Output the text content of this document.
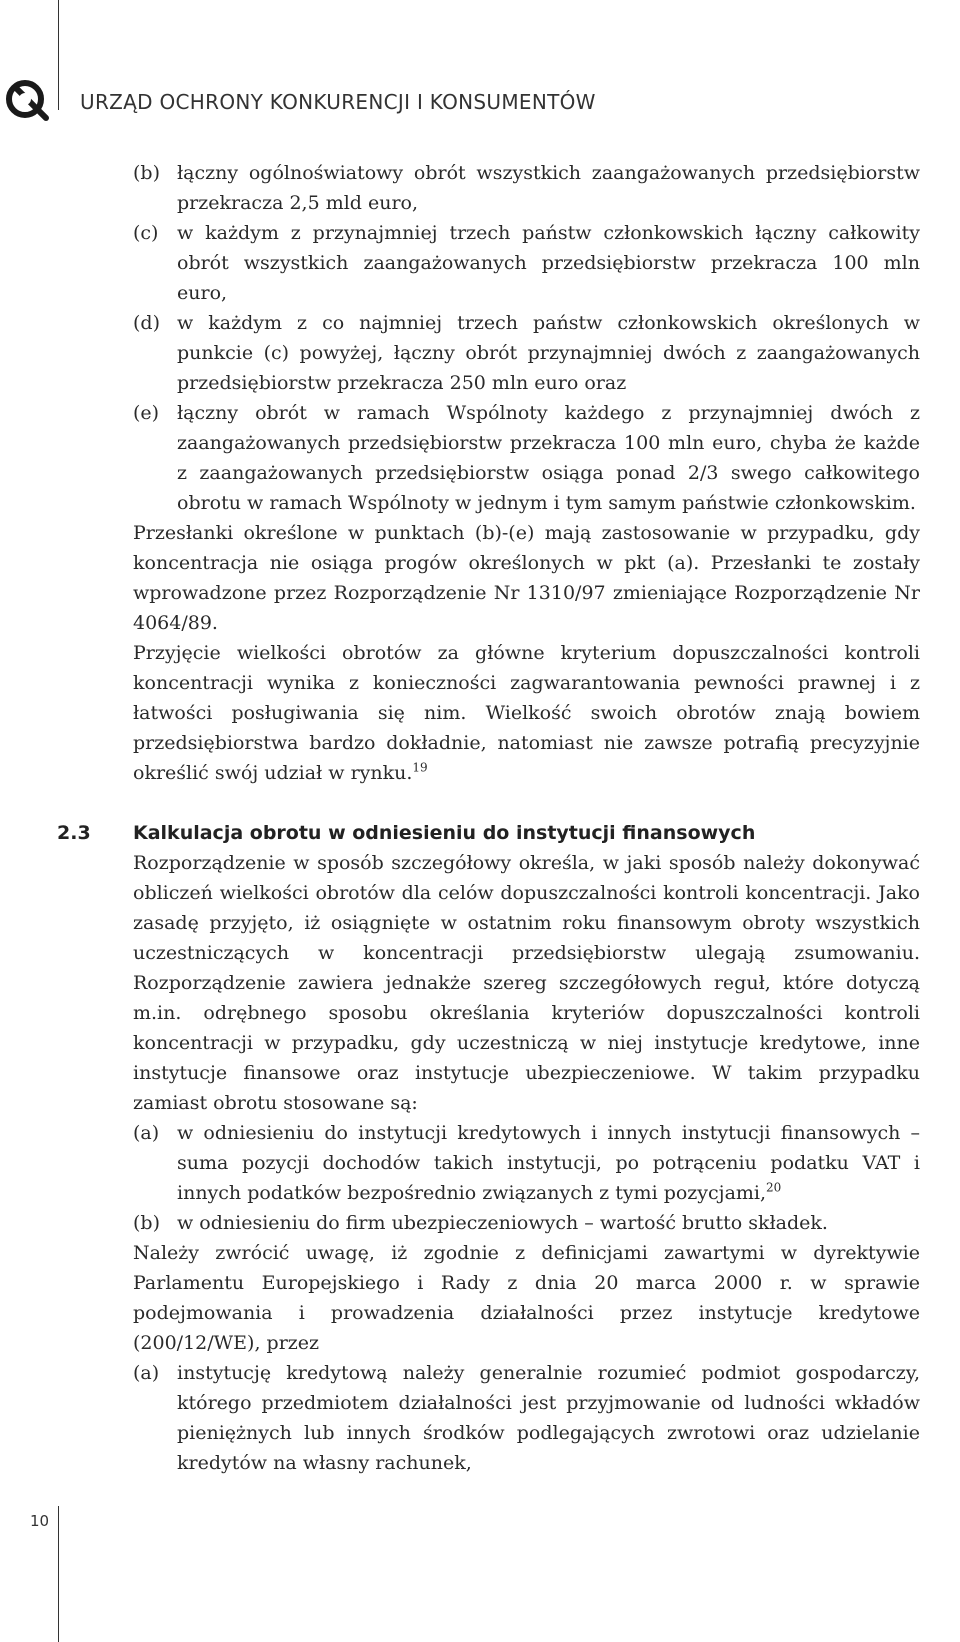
URZĄD OCHRONY KONKURENCJI I KONSUMENTÓW
(b) łączny ogólnoświatowy obrót wszystkich zaangażowanych przedsiębiorstw przekracza 2,5 mld euro,
(c) w każdym z przynajmniej trzech państw członkowskich łączny całkowity obrót wszystkich zaangażowanych przedsiębiorstw przekracza 100 mln euro,
(d) w każdym z co najmniej trzech państw członkowskich określonych w punkcie (c) powyżej, łączny obrót przynajmniej dwóch z zaangażowanych przedsiębiorstw przekracza 250 mln euro oraz
(e) łączny obrót w ramach Wspólnoty każdego z przynajmniej dwóch z zaangażowanych przedsiębiorstw przekracza 100 mln euro, chyba że każde z zaangażowanych przedsiębiorstw osiąga ponad 2/3 swego całkowitego obrotu w ramach Wspólnoty w jednym i tym samym państwie członkowskim.

Przesłanki określone w punktach (b)-(e) mają zastosowanie w przypadku, gdy koncentracja nie osiąga progów określonych w pkt (a). Przesłanki te zostały wprowadzone przez Rozporządzenie Nr 1310/97 zmieniające Rozporządzenie Nr 4064/89.

Przyjęcie wielkości obrotów za główne kryterium dopuszczalności kontroli koncentracji wynika z konieczności zagwarantowania pewności prawnej i z łatwości posługiwania się nim. Wielkość swoich obrotów znają bowiem przedsiębiorstwa bardzo dokładnie, natomiast nie zawsze potrafią precyzyjnie określić swój udział w rynku.$^{19}$

2.3 Kalkulacja obrotu w odniesieniu do instytucji finansowych

Rozporządzenie w sposób szczegółowy określa, w jaki sposób należy dokonywać obliczeń wielkości obrotów dla celów dopuszczalności kontroli koncentracji. Jako zasadę przyjęto, iż osiągnięte w ostatnim roku finansowym obroty wszystkich uczestniczących w koncentracji przedsiębiorstw ulegają zsumowaniu. Rozporządzenie zawiera jednakże szereg szczegółowych reguł, które dotyczą m.in. odrębnego sposobu określania kryteriów dopuszczalności kontroli koncentracji w przypadku, gdy uczestniczą w niej instytucje kredytowe, inne instytucje finansowe oraz instytucje ubezpieczeniowe. W takim przypadku zamiast obrotu stosowane są:

(a) w odniesieniu do instytucji kredytowych i innych instytucji finansowych – suma pozycji dochodów takich instytucji, po potrąceniu podatku VAT i innych podatków bezpośrednio związanych z tymi pozycjami,$^{20}$
(b) w odniesieniu do firm ubezpieczeniowych – wartość brutto składek.

Należy zwrócić uwagę, iż zgodnie z definicjami zawartymi w dyrektywie Parlamentu Europejskiego i Rady z dnia 20 marca 2000 r. w sprawie podejmowania i prowadzenia działalności przez instytucje kredytowe (200/12/WE), przez

(a) instytucję kredytową należy generalnie rozumieć podmiot gospodarczy, którego przedmiotem działalności jest przyjmowanie od ludności wkładów pieniężnych lub innych środków podlegających zwrotowi oraz udzielanie kredytów na własny rachunek,
10
